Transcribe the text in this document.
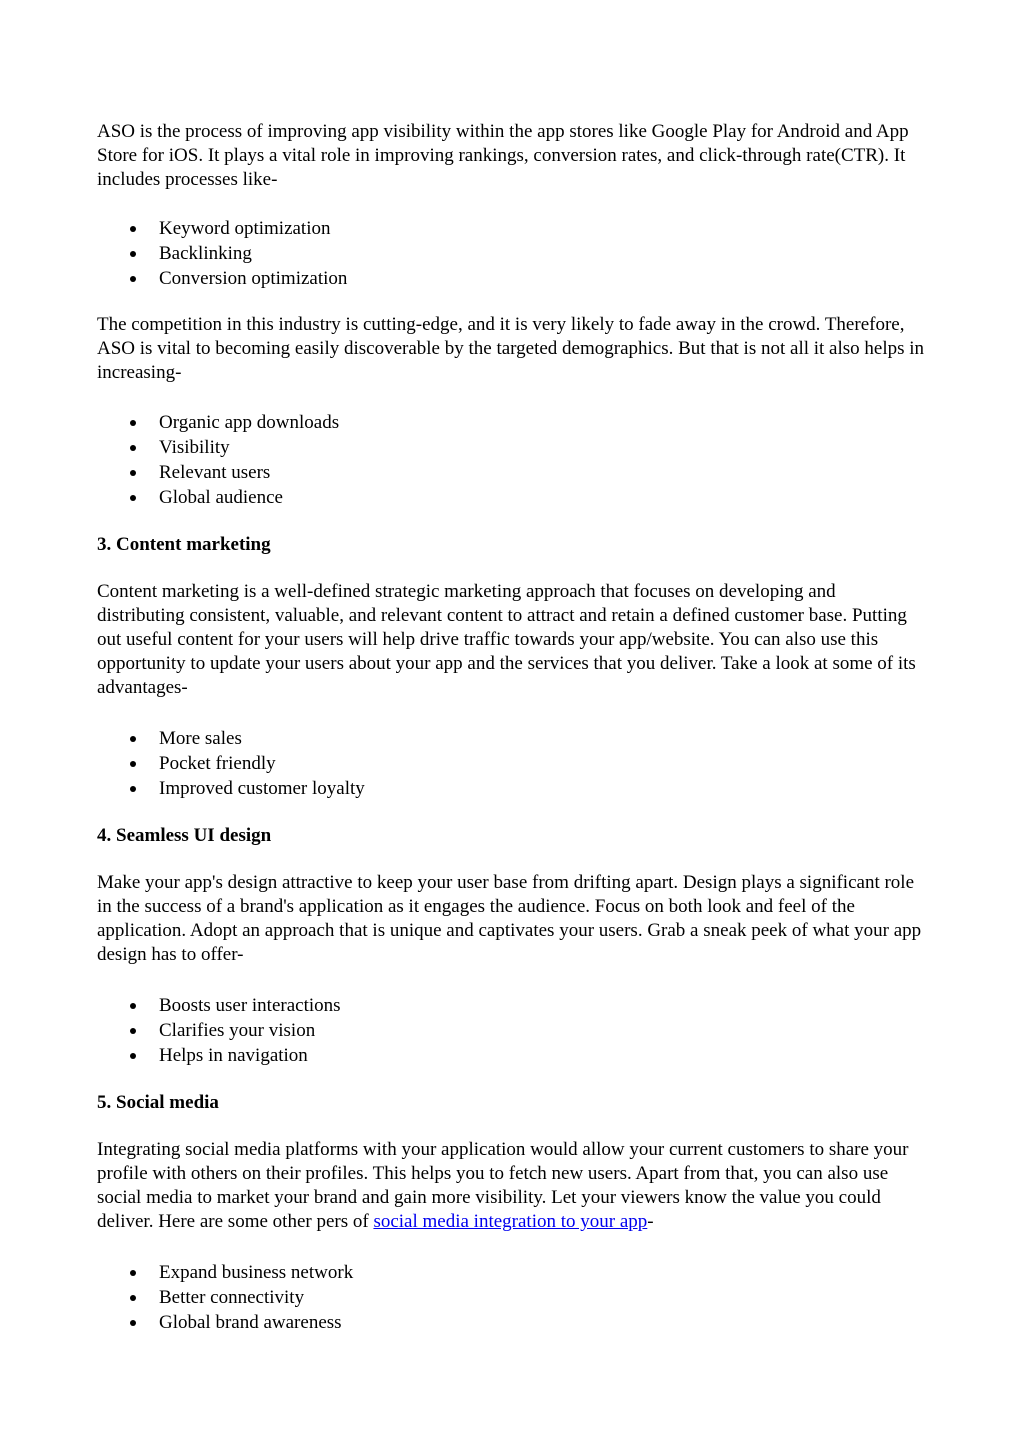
ASO is the process of improving app visibility within the app stores like Google Play for Android and App Store for iOS. It plays a vital role in improving rankings, conversion rates, and click-through rate(CTR). It includes processes like-

Keyword optimization
Backlinking
Conversion optimization

The competition in this industry is cutting-edge, and it is very likely to fade away in the crowd. Therefore, ASO is vital to becoming easily discoverable by the targeted demographics. But that is not all it also helps in increasing-

Organic app downloads
Visibility
Relevant users
Global audience

3. Content marketing

Content marketing is a well-defined strategic marketing approach that focuses on developing and distributing consistent, valuable, and relevant content to attract and retain a defined customer base. Putting out useful content for your users will help drive traffic towards your app/website. You can also use this opportunity to update your users about your app and the services that you deliver. Take a look at some of its advantages-

More sales
Pocket friendly
Improved customer loyalty

4. Seamless UI design

Make your app's design attractive to keep your user base from drifting apart. Design plays a significant role in the success of a brand's application as it engages the audience. Focus on both look and feel of the application. Adopt an approach that is unique and captivates your users. Grab a sneak peek of what your app design has to offer-

Boosts user interactions
Clarifies your vision
Helps in navigation

5. Social media

Integrating social media platforms with your application would allow your current customers to share your profile with others on their profiles. This helps you to fetch new users. Apart from that, you can also use social media to market your brand and gain more visibility. Let your viewers know the value you could deliver. Here are some other pers of social media integration to your app-

Expand business network
Better connectivity
Global brand awareness
